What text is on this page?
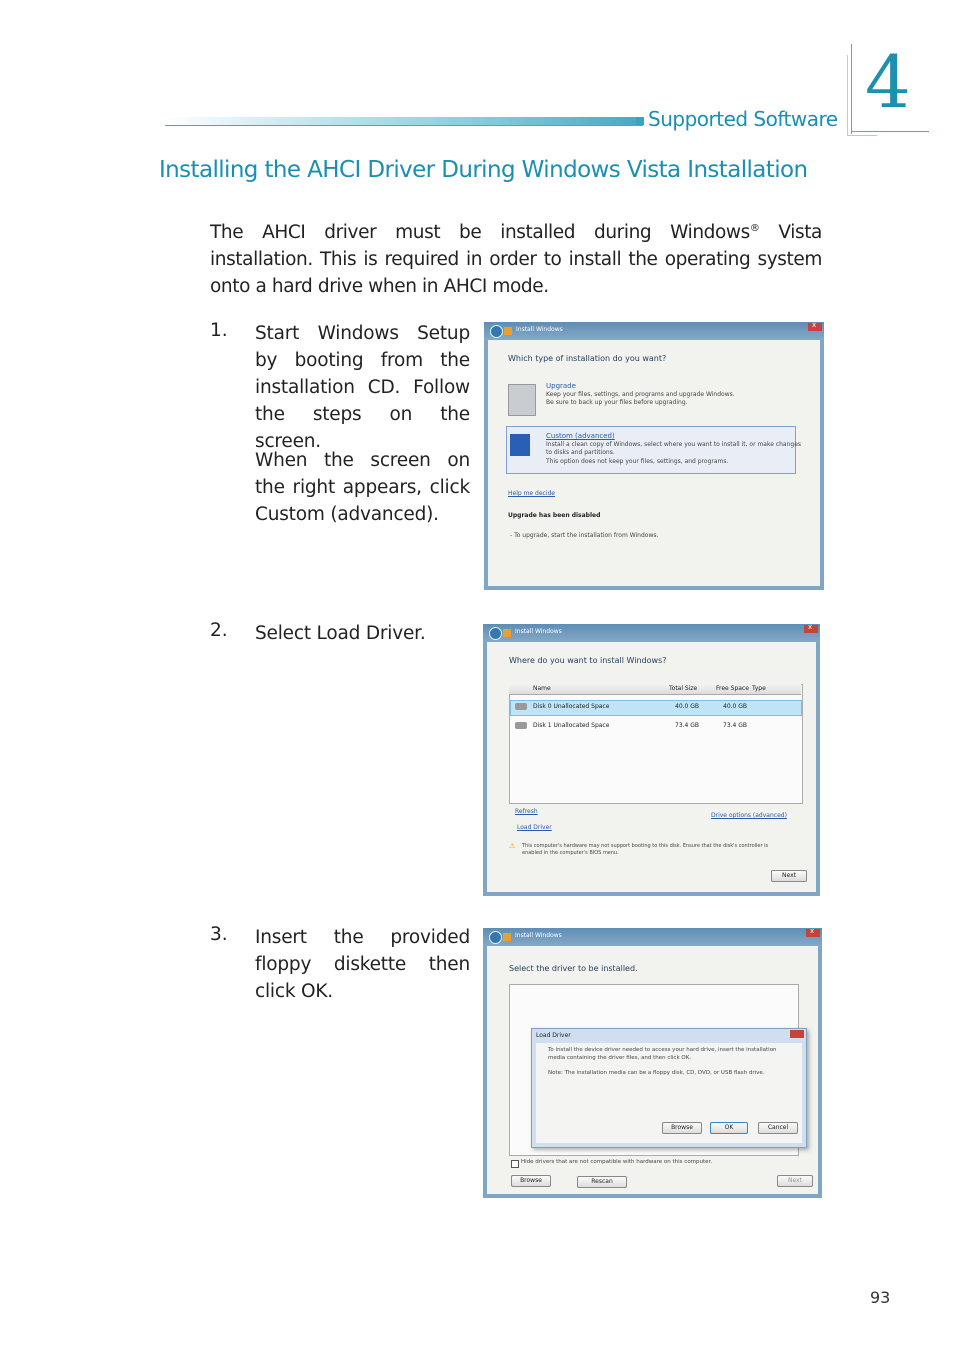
Supported Software 4
Installing the AHCI Driver During Windows Vista Installation
The AHCI driver must be installed during Windows® Vista installation. This is required in order to install the operating system onto a hard drive when in AHCI mode.
1. Start Windows Setup by booting from the installation CD. Follow the steps on the screen.
When the screen on the right appears, click Custom (advanced).
2. Select Load Driver.
3. Insert the provided floppy diskette then click OK.
Install Windows
x
Which type of installation do you want?
Upgrade
Keep your files, settings, and programs and upgrade Windows.
Be sure to back up your files before upgrading.
Custom (advanced)
Install a clean copy of Windows, select where you want to install it, or make changes
to disks and partitions.
This option does not keep your files, settings, and programs.
Help me decide
Upgrade has been disabled
- To upgrade, start the installation from Windows.
Install Windows
x
Where do you want to install Windows?
Name	Total Size	Free Space Type
Disk 0 Unallocated Space	40.0 GB	40.0 GB
Disk 1 Unallocated Space	73.4 GB	73.4 GB
Refresh
Drive options (advanced)
Load Driver
⚠ This computer's hardware may not support booting to this disk. Ensure that the disk's controller is
enabled in the computer's BIOS menu.
Next
Install Windows
x
Select the driver to be installed.
Load Driver
To install the device driver needed to access your hard drive, insert the installation
media containing the driver files, and then click OK.
Note: The installation media can be a floppy disk, CD, DVD, or USB flash drive.
Browse	OK	Cancel
Hide drivers that are not compatible with hardware on this computer.
Browse	Rescan	Next
93
